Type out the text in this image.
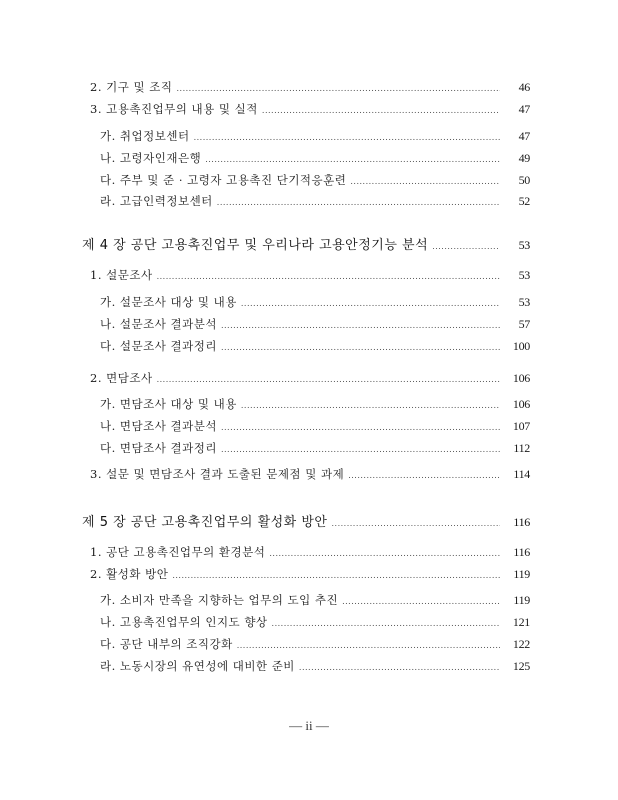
2. 기구 및 조직 .....	46
3. 고용촉진업무의 내용 및 실적 .....	47
가. 취업정보센터 .....	47
나. 고령자인재은행 .....	49
다. 주부 및 준 · 고령자 고용촉진 단기적응훈련 .....	50
라. 고급인력정보센터 .....	52
제 4 장 공단 고용촉진업무 및 우리나라 고용안정기능 분석 .....	53
1. 설문조사 .....	53
가. 설문조사 대상 및 내용 .....	53
나. 설문조사 결과분석 .....	57
다. 설문조사 결과정리 .....	100
2. 면담조사 .....	106
가. 면담조사 대상 및 내용 .....	106
나. 면담조사 결과분석 .....	107
다. 면담조사 결과정리 .....	112
3. 설문 및 면담조사 결과 도출된 문제점 및 과제 .....	114
제 5 장 공단 고용촉진업무의 활성화 방안 .....	116
1. 공단 고용촉진업무의 환경분석 .....	116
2. 활성화 방안 .....	119
가. 소비자 만족을 지향하는 업무의 도입 추진 .....	119
나. 고용촉진업무의 인지도 향상 .....	121
다. 공단 내부의 조직강화 .....	122
라. 노동시장의 유연성에 대비한 준비 .....	125
— ii —
